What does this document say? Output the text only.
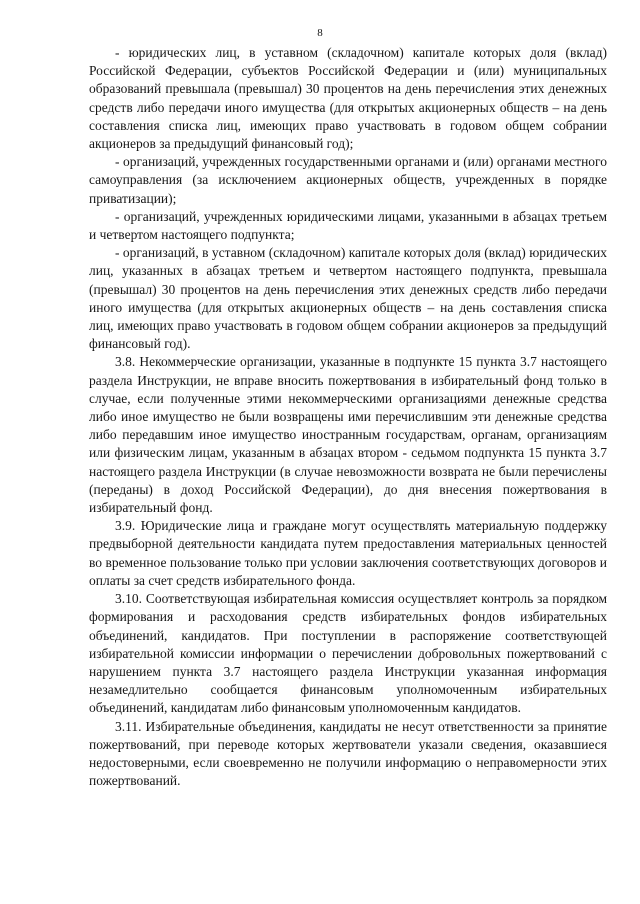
8

- юридических лиц, в уставном (складочном) капитале которых доля (вклад) Российской Федерации, субъектов Российской Федерации и (или) муниципальных образований превышала (превышал) 30 процентов на день перечисления этих денежных средств либо передачи иного имущества (для открытых акционерных обществ – на день составления списка лиц, имеющих право участвовать в годовом общем собрании акционеров за предыдущий финансовый год);

- организаций, учрежденных государственными органами и (или) органами местного самоуправления (за исключением акционерных обществ, учрежденных в порядке приватизации);

- организаций, учрежденных юридическими лицами, указанными в абзацах третьем и четвертом настоящего подпункта;

- организаций, в уставном (складочном) капитале которых доля (вклад) юридических лиц, указанных в абзацах третьем и четвертом настоящего подпункта, превышала (превышал) 30 процентов на день перечисления этих денежных средств либо передачи иного имущества (для открытых акционерных обществ – на день составления списка лиц, имеющих право участвовать в годовом общем собрании акционеров за предыдущий финансовый год).

3.8. Некоммерческие организации, указанные в подпункте 15 пункта 3.7 настоящего раздела Инструкции, не вправе вносить пожертвования в избирательный фонд только в случае, если полученные этими некоммерческими организациями денежные средства либо иное имущество не были возвращены ими перечислившим эти денежные средства либо передавшим иное имущество иностранным государствам, органам, организациям или физическим лицам, указанным в абзацах втором - седьмом подпункта 15 пункта 3.7 настоящего раздела Инструкции (в случае невозможности возврата не были перечислены (переданы) в доход Российской Федерации), до дня внесения пожертвования в избирательный фонд.

3.9. Юридические лица и граждане могут осуществлять материальную поддержку предвыборной деятельности кандидата путем предоставления материальных ценностей во временное пользование только при условии заключения соответствующих договоров и оплаты за счет средств избирательного фонда.

3.10. Соответствующая избирательная комиссия осуществляет контроль за порядком формирования и расходования средств избирательных фондов избирательных объединений, кандидатов. При поступлении в распоряжение соответствующей избирательной комиссии информации о перечислении добровольных пожертвований с нарушением пункта 3.7 настоящего раздела Инструкции указанная информация незамедлительно сообщается финансовым уполномоченным избирательных объединений, кандидатам либо финансовым уполномоченным кандидатов.

3.11. Избирательные объединения, кандидаты не несут ответственности за принятие пожертвований, при переводе которых жертвователи указали сведения, оказавшиеся недостоверными, если своевременно не получили информацию о неправомерности этих пожертвований.
